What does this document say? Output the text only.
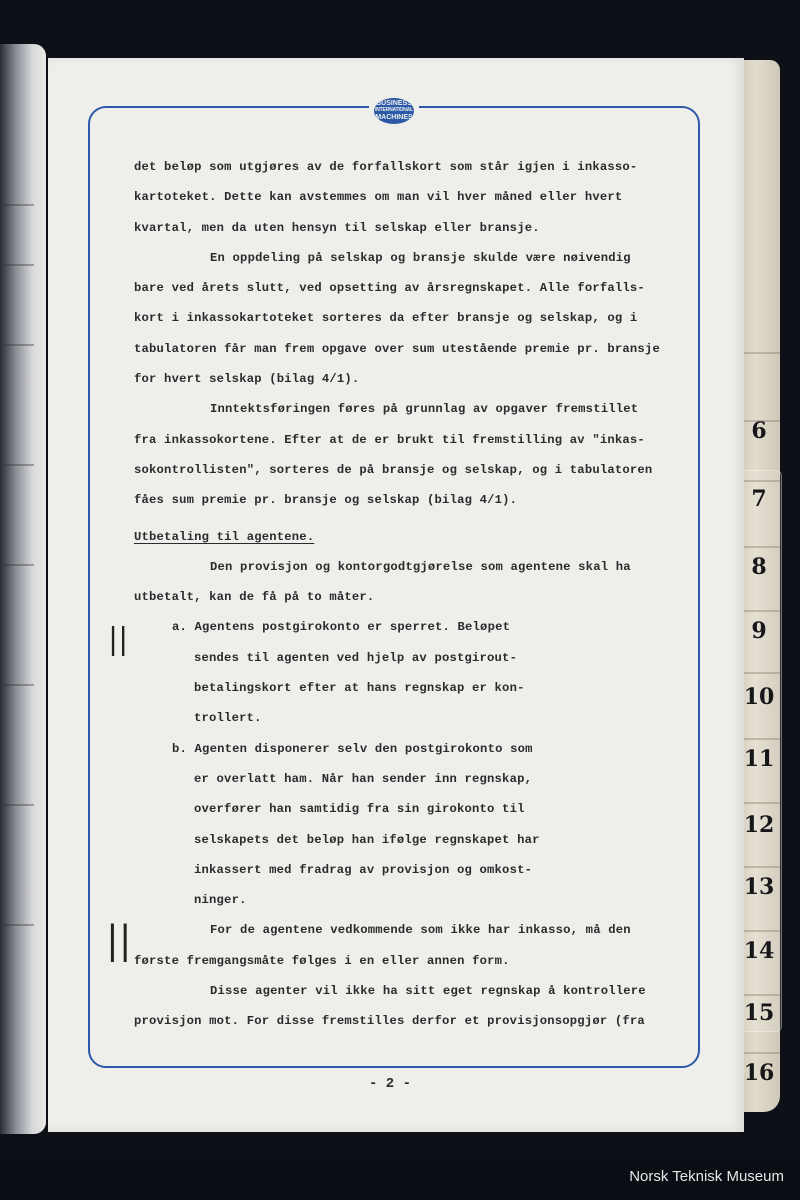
6
7
8
9
10
11
12
13
14
15
16
BUSINESS
INTERNATIONAL
MACHINES
det beløp som utgjøres av de forfallskort som står igjen i inkasso-
kartoteket. Dette kan avstemmes om man vil hver måned eller hvert
kvartal, men da uten hensyn til selskap eller bransje.
En oppdeling på selskap og bransje skulde være nøivendig
bare ved årets slutt, ved opsetting av årsregnskapet. Alle forfalls-
kort i inkassokartoteket sorteres da efter bransje og selskap, og i
tabulatoren får man frem opgave over sum utestående premie pr. bransje
for hvert selskap (bilag 4/1).
Inntektsføringen føres på grunnlag av opgaver fremstillet
fra inkassokortene. Efter at de er brukt til fremstilling av "inkas-
sokontrollisten", sorteres de på bransje og selskap, og i tabulatoren
fåes sum premie pr. bransje og selskap (bilag 4/1).
Utbetaling til agentene.
Den provisjon og kontorgodtgjørelse som agentene skal ha
utbetalt, kan de få på to måter.
a. Agentens postgirokonto er sperret. Beløpet
sendes til agenten ved hjelp av postgirout-
betalingskort efter at hans regnskap er kon-
trollert.
b. Agenten disponerer selv den postgirokonto som
er overlatt ham. Når han sender inn regnskap,
overfører han samtidig fra sin girokonto til
selskapets det beløp han ifølge regnskapet har
inkassert med fradrag av provisjon og omkost-
ninger.
For de agentene vedkommende som ikke har inkasso, må den
første fremgangsmåte følges i en eller annen form.
Disse agenter vil ikke ha sitt eget regnskap å kontrollere
provisjon mot. For disse fremstilles derfor et provisjonsopgjør (fra
||
||
- 2 -
Norsk Teknisk Museum
